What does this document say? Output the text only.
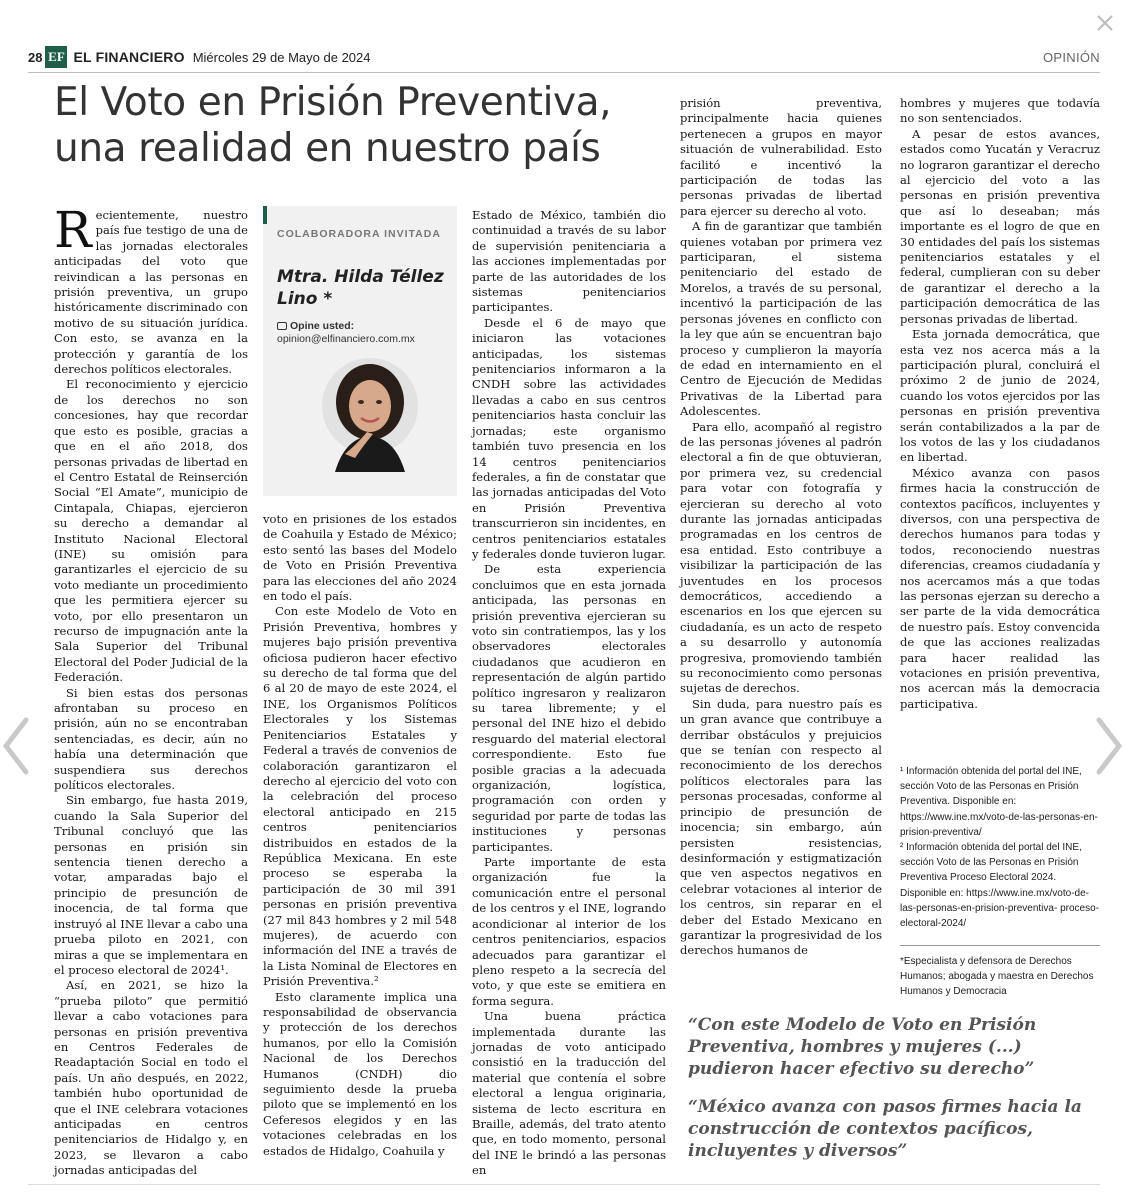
28 EF EL FINANCIERO Miércoles 29 de Mayo de 2024	OPINIÓN
El Voto en Prisión Preventiva, una realidad en nuestro país

Recientemente, nuestro país fue testigo de una de las jornadas electorales anticipadas del voto que reivindican a las personas en prisión preventiva, un grupo históricamente discriminado con motivo de su situación jurídica. Con esto, se avanza en la protección y garantía de los derechos políticos electorales.

El reconocimiento y ejercicio de los derechos no son concesiones, hay que recordar que esto es posible, gracias a que en el año 2018, dos personas privadas de libertad en el Centro Estatal de Reinserción Social “El Amate”, municipio de Cintapala, Chiapas, ejercieron su derecho a demandar al Instituto Nacional Electoral (INE) su omisión para garantizarles el ejercicio de su voto mediante un procedimiento que les permitiera ejercer su voto, por ello presentaron un recurso de impugnación ante la Sala Superior del Tribunal Electoral del Poder Judicial de la Federación.

Si bien estas dos personas afrontaban su proceso en prisión, aún no se encontraban sentenciadas, es decir, aún no había una determinación que suspendiera sus derechos políticos electorales.

Sin embargo, fue hasta 2019, cuando la Sala Superior del Tribunal concluyó que las personas en prisión sin sentencia tienen derecho a votar, amparadas bajo el principio de presunción de inocencia, de tal forma que instruyó al INE llevar a cabo una prueba piloto en 2021, con miras a que se implementara en el proceso electoral de 2024¹.

Así, en 2021, se hizo la “prueba piloto” que permitió llevar a cabo votaciones para personas en prisión preventiva en Centros Federales de Readaptación Social en todo el país. Un año después, en 2022, también hubo oportunidad de que el INE celebrara votaciones anticipadas en centros penitenciarios de Hidalgo y, en 2023, se llevaron a cabo jornadas anticipadas del

COLABORADORA INVITADA
Mtra. Hilda Téllez Lino *
Opine usted:
opinion@elfinanciero.com.mx

voto en prisiones de los estados de Coahuila y Estado de México; esto sentó las bases del Modelo de Voto en Prisión Preventiva para las elecciones del año 2024 en todo el país.

Con este Modelo de Voto en Prisión Preventiva, hombres y mujeres bajo prisión preventiva oficiosa pudieron hacer efectivo su derecho de tal forma que del 6 al 20 de mayo de este 2024, el INE, los Organismos Políticos Electorales y los Sistemas Penitenciarios Estatales y Federal a través de convenios de colaboración garantizaron el derecho al ejercicio del voto con la celebración del proceso electoral anticipado en 215 centros penitenciarios distribuidos en estados de la República Mexicana. En este proceso se esperaba la participación de 30 mil 391 personas en prisión preventiva (27 mil 843 hombres y 2 mil 548 mujeres), de acuerdo con información del INE a través de la Lista Nominal de Electores en Prisión Preventiva.²

Esto claramente implica una responsabilidad de observancia y protección de los derechos humanos, por ello la Comisión Nacional de los Derechos Humanos (CNDH) dio seguimiento desde la prueba piloto que se implementó en los Ceferesos elegidos y en las votaciones celebradas en los estados de Hidalgo, Coahuila y

Estado de México, también dio continuidad a través de su labor de supervisión penitenciaria a las acciones implementadas por parte de las autoridades de los sistemas penitenciarios participantes.

Desde el 6 de mayo que iniciaron las votaciones anticipadas, los sistemas penitenciarios informaron a la CNDH sobre las actividades llevadas a cabo en sus centros penitenciarios hasta concluir las jornadas; este organismo también tuvo presencia en los 14 centros penitenciarios federales, a fin de constatar que las jornadas anticipadas del Voto en Prisión Preventiva transcurrieron sin incidentes, en centros penitenciarios estatales y federales donde tuvieron lugar.

De esta experiencia concluimos que en esta jornada anticipada, las personas en prisión preventiva ejercieran su voto sin contratiempos, las y los observadores electorales ciudadanos que acudieron en representación de algún partido político ingresaron y realizaron su tarea libremente; y el personal del INE hizo el debido resguardo del material electoral correspondiente. Esto fue posible gracias a la adecuada organización, logística, programación con orden y seguridad por parte de todas las instituciones y personas participantes.

Parte importante de esta organización fue la comunicación entre el personal de los centros y el INE, logrando acondicionar al interior de los centros penitenciarios, espacios adecuados para garantizar el pleno respeto a la secrecía del voto, y que este se emitiera en forma segura.

Una buena práctica implementada durante las jornadas de voto anticipado consistió en la traducción del material que contenía el sobre electoral a lengua originaria, sistema de lecto escritura en Braille, además, del trato atento que, en todo momento, personal del INE le brindó a las personas en

prisión preventiva, principalmente hacia quienes pertenecen a grupos en mayor situación de vulnerabilidad. Esto facilitó e incentivó la participación de todas las personas privadas de libertad para ejercer su derecho al voto.

A fin de garantizar que también quienes votaban por primera vez participaran, el sistema penitenciario del estado de Morelos, a través de su personal, incentivó la participación de las personas jóvenes en conflicto con la ley que aún se encuentran bajo proceso y cumplieron la mayoría de edad en internamiento en el Centro de Ejecución de Medidas Privativas de la Libertad para Adolescentes.

Para ello, acompañó al registro de las personas jóvenes al padrón electoral a fin de que obtuvieran, por primera vez, su credencial para votar con fotografía y ejercieran su derecho al voto durante las jornadas anticipadas programadas en los centros de esa entidad. Esto contribuye a visibilizar la participación de las juventudes en los procesos democráticos, accediendo a escenarios en los que ejercen su ciudadanía, es un acto de respeto a su desarrollo y autonomía progresiva, promoviendo también su reconocimiento como personas sujetas de derechos.

Sin duda, para nuestro país es un gran avance que contribuye a derribar obstáculos y prejuicios que se tenían con respecto al reconocimiento de los derechos políticos electorales para las personas procesadas, conforme al principio de presunción de inocencia; sin embargo, aún persisten resistencias, desinformación y estigmatización que ven aspectos negativos en celebrar votaciones al interior de los centros, sin reparar en el deber del Estado Mexicano en garantizar la progresividad de los derechos humanos de

hombres y mujeres que todavía no son sentenciados.

A pesar de estos avances, estados como Yucatán y Veracruz no lograron garantizar el derecho al ejercicio del voto a las personas en prisión preventiva que así lo deseaban; más importante es el logro de que en 30 entidades del país los sistemas penitenciarios estatales y el federal, cumplieran con su deber de garantizar el derecho a la participación democrática de las personas privadas de libertad.

Esta jornada democrática, que esta vez nos acerca más a la participación plural, concluirá el próximo 2 de junio de 2024, cuando los votos ejercidos por las personas en prisión preventiva serán contabilizados a la par de los votos de las y los ciudadanos en libertad.

México avanza con pasos firmes hacia la construcción de contextos pacíficos, incluyentes y diversos, con una perspectiva de derechos humanos para todas y todos, reconociendo nuestras diferencias, creamos ciudadanía y nos acercamos más a que todas las personas ejerzan su derecho a ser parte de la vida democrática de nuestro país. Estoy convencida de que las acciones realizadas para hacer realidad las votaciones en prisión preventiva, nos acercan más la democracia participativa.

¹ Información obtenida del portal del INE, sección Voto de las Personas en Prisión Preventiva. Disponible en: https://www.ine.mx/voto-de-las-personas-en-prision-preventiva/
² Información obtenida del portal del INE, sección Voto de las Personas en Prisión Preventiva Proceso Electoral 2024. Disponible en: https://www.ine.mx/voto-de-las-personas-en-prision-preventiva- proceso-electoral-2024/
*Especialista y defensora de Derechos Humanos; abogada y maestra en Derechos Humanos y Democracia
“Con este Modelo de Voto en Prisión Preventiva, hombres y mujeres (...) pudieron hacer efectivo su derecho”
“México avanza con pasos firmes hacia la construcción de contextos pacíficos, incluyentes y diversos”
